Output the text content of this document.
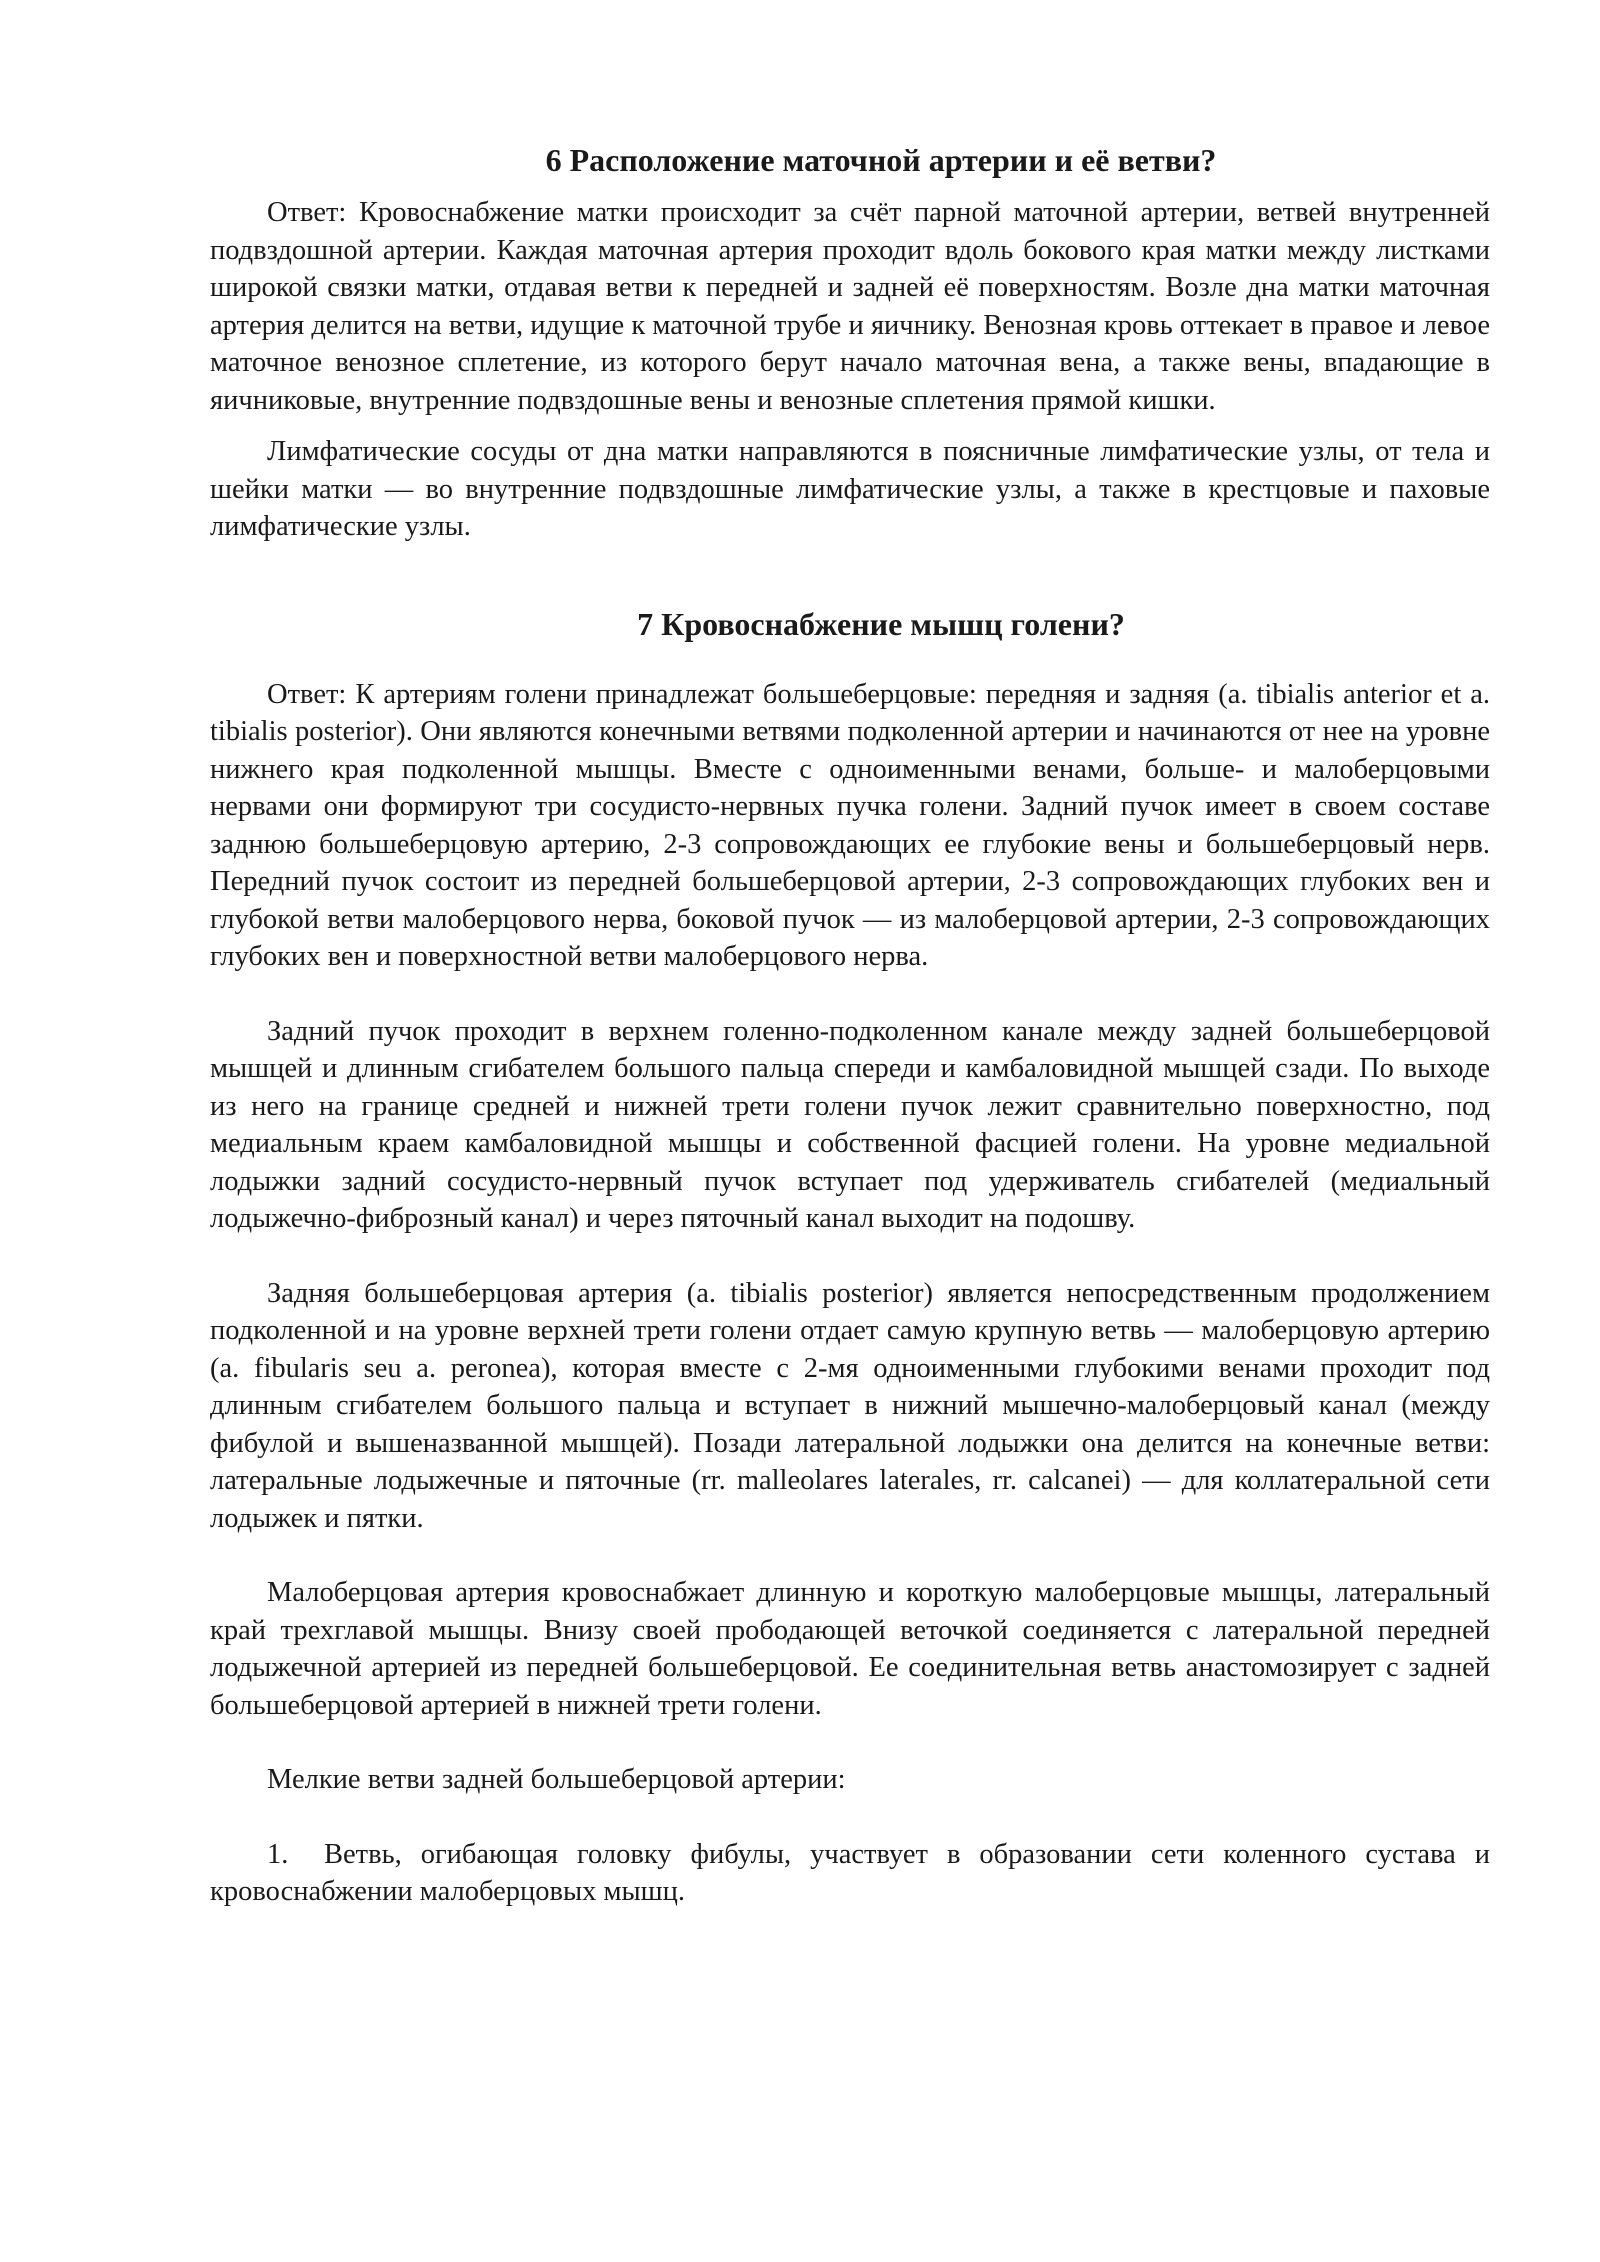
6 Расположение маточной артерии и её ветви?

Ответ: Кровоснабжение матки происходит за счёт парной маточной артерии, ветвей внутренней подвздошной артерии. Каждая маточная артерия проходит вдоль бокового края матки между листками широкой связки матки, отдавая ветви к передней и задней её поверхностям. Возле дна матки маточная артерия делится на ветви, идущие к маточной трубе и яичнику. Венозная кровь оттекает в правое и левое маточное венозное сплетение, из которого берут начало маточная вена, а также вены, впадающие в яичниковые, внутренние подвздошные вены и венозные сплетения прямой кишки.

Лимфатические сосуды от дна матки направляются в поясничные лимфатические узлы, от тела и шейки матки — во внутренние подвздошные лимфатические узлы, а также в крестцовые и паховые лимфатические узлы.

7 Кровоснабжение мышц голени?

Ответ: К артериям голени принадлежат большеберцовые: передняя и задняя (a. tibialis anterior et a. tibialis posterior). Они являются конечными ветвями подколенной артерии и начинаются от нее на уровне нижнего края подколенной мышцы. Вместе с одноименными венами, больше- и малоберцовыми нервами они формируют три сосудисто-нервных пучка голени. Задний пучок имеет в своем составе заднюю большеберцовую артерию, 2-3 сопровождающих ее глубокие вены и большеберцовый нерв. Передний пучок состоит из передней большеберцовой артерии, 2-3 сопровождающих глубоких вен и глубокой ветви малоберцового нерва, боковой пучок — из малоберцовой артерии, 2-3 сопровождающих глубоких вен и поверхностной ветви малоберцового нерва.

Задний пучок проходит в верхнем голенно-подколенном канале между задней большеберцовой мышцей и длинным сгибателем большого пальца спереди и камбаловидной мышцей сзади. По выходе из него на границе средней и нижней трети голени пучок лежит сравнительно поверхностно, под медиальным краем камбаловидной мышцы и собственной фасцией голени. На уровне медиальной лодыжки задний сосудисто-нервный пучок вступает под удерживатель сгибателей (медиальный лодыжечно-фиброзный канал) и через пяточный канал выходит на подошву.

Задняя большеберцовая артерия (a. tibialis posterior) является непосредственным продолжением подколенной и на уровне верхней трети голени отдает самую крупную ветвь — малоберцовую артерию (a. fibularis seu a. peronea), которая вместе с 2-мя одноименными глубокими венами проходит под длинным сгибателем большого пальца и вступает в нижний мышечно-малоберцовый канал (между фибулой и вышеназванной мышцей). Позади латеральной лодыжки она делится на конечные ветви: латеральные лодыжечные и пяточные (rr. malleolares laterales, rr. calcanei) — для коллатеральной сети лодыжек и пятки.

Малоберцовая артерия кровоснабжает длинную и короткую малоберцовые мышцы, латеральный край трехглавой мышцы. Внизу своей прободающей веточкой соединяется с латеральной передней лодыжечной артерией из передней большеберцовой. Ее соединительная ветвь анастомозирует с задней большеберцовой артерией в нижней трети голени.

Мелкие ветви задней большеберцовой артерии:

1. Ветвь, огибающая головку фибулы, участвует в образовании сети коленного сустава и кровоснабжении малоберцовых мышц.
